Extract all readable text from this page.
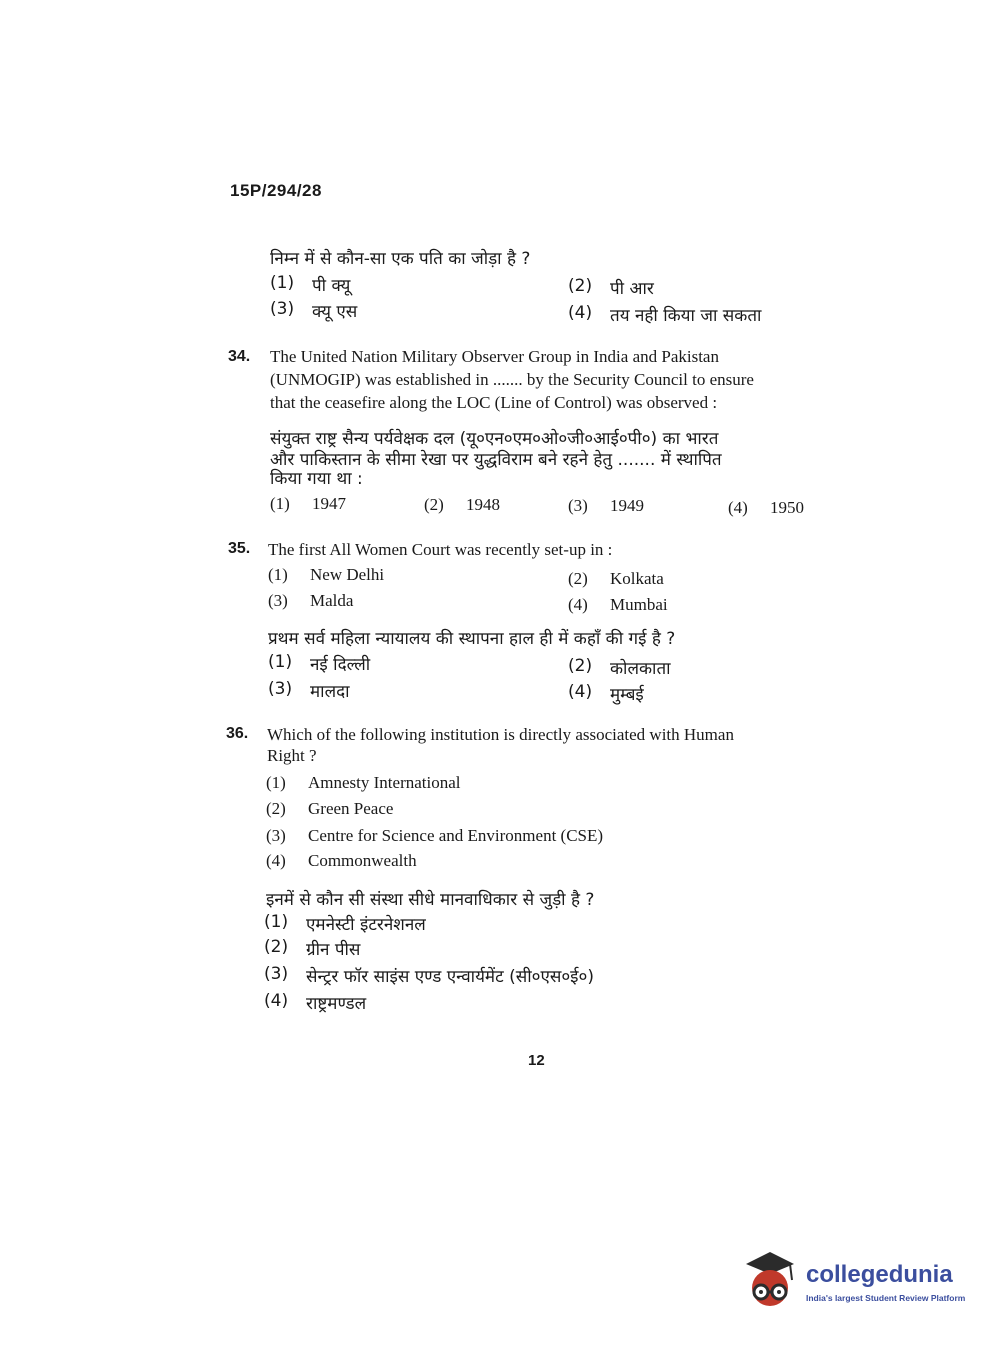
15P/294/28
निम्न में से कौन-सा एक पति का जोड़ा है ?
(1) पी क्यू	(2) पी आर
(3) क्यू एस	(4) तय नही किया जा सकता
34. The United Nation Military Observer Group in India and Pakistan
(UNMOGIP) was established in ....... by the Security Council to ensure
that the ceasefire along the LOC (Line of Control) was observed :
संयुक्त राष्ट्र सैन्य पर्यवेक्षक दल (यू०एन०एम०ओ०जी०आई०पी०) का भारत
और पाकिस्तान के सीमा रेखा पर युद्धविराम बने रहने हेतु ....... में स्थापित
किया गया था :
(1)	1947	(2)	1948	(3)	1949	(4)	1950
35. The first All Women Court was recently set-up in :
(1)	New Delhi	(2)	Kolkata
(3)	Malda	(4)	Mumbai
प्रथम सर्व महिला न्यायालय की स्थापना हाल ही में कहाँ की गई है ?
(1) नई दिल्ली	(2) कोलकाता
(3) मालदा	(4) मुम्बई
36. Which of the following institution is directly associated with Human
Right ?
(1)	Amnesty International
(2)	Green Peace
(3)	Centre for Science and Environment (CSE)
(4)	Commonwealth
इनमें से कौन सी संस्था सीधे मानवाधिकार से जुड़ी है ?
(1) एमनेस्टी इंटरनेशनल
(2) ग्रीन पीस
(3) सेन्ट्रर फॉर साइंस एण्ड एन्वार्यमेंट (सी०एस०ई०)
(4) राष्ट्रमण्डल
12
collegedunia
India's largest Student Review Platform
